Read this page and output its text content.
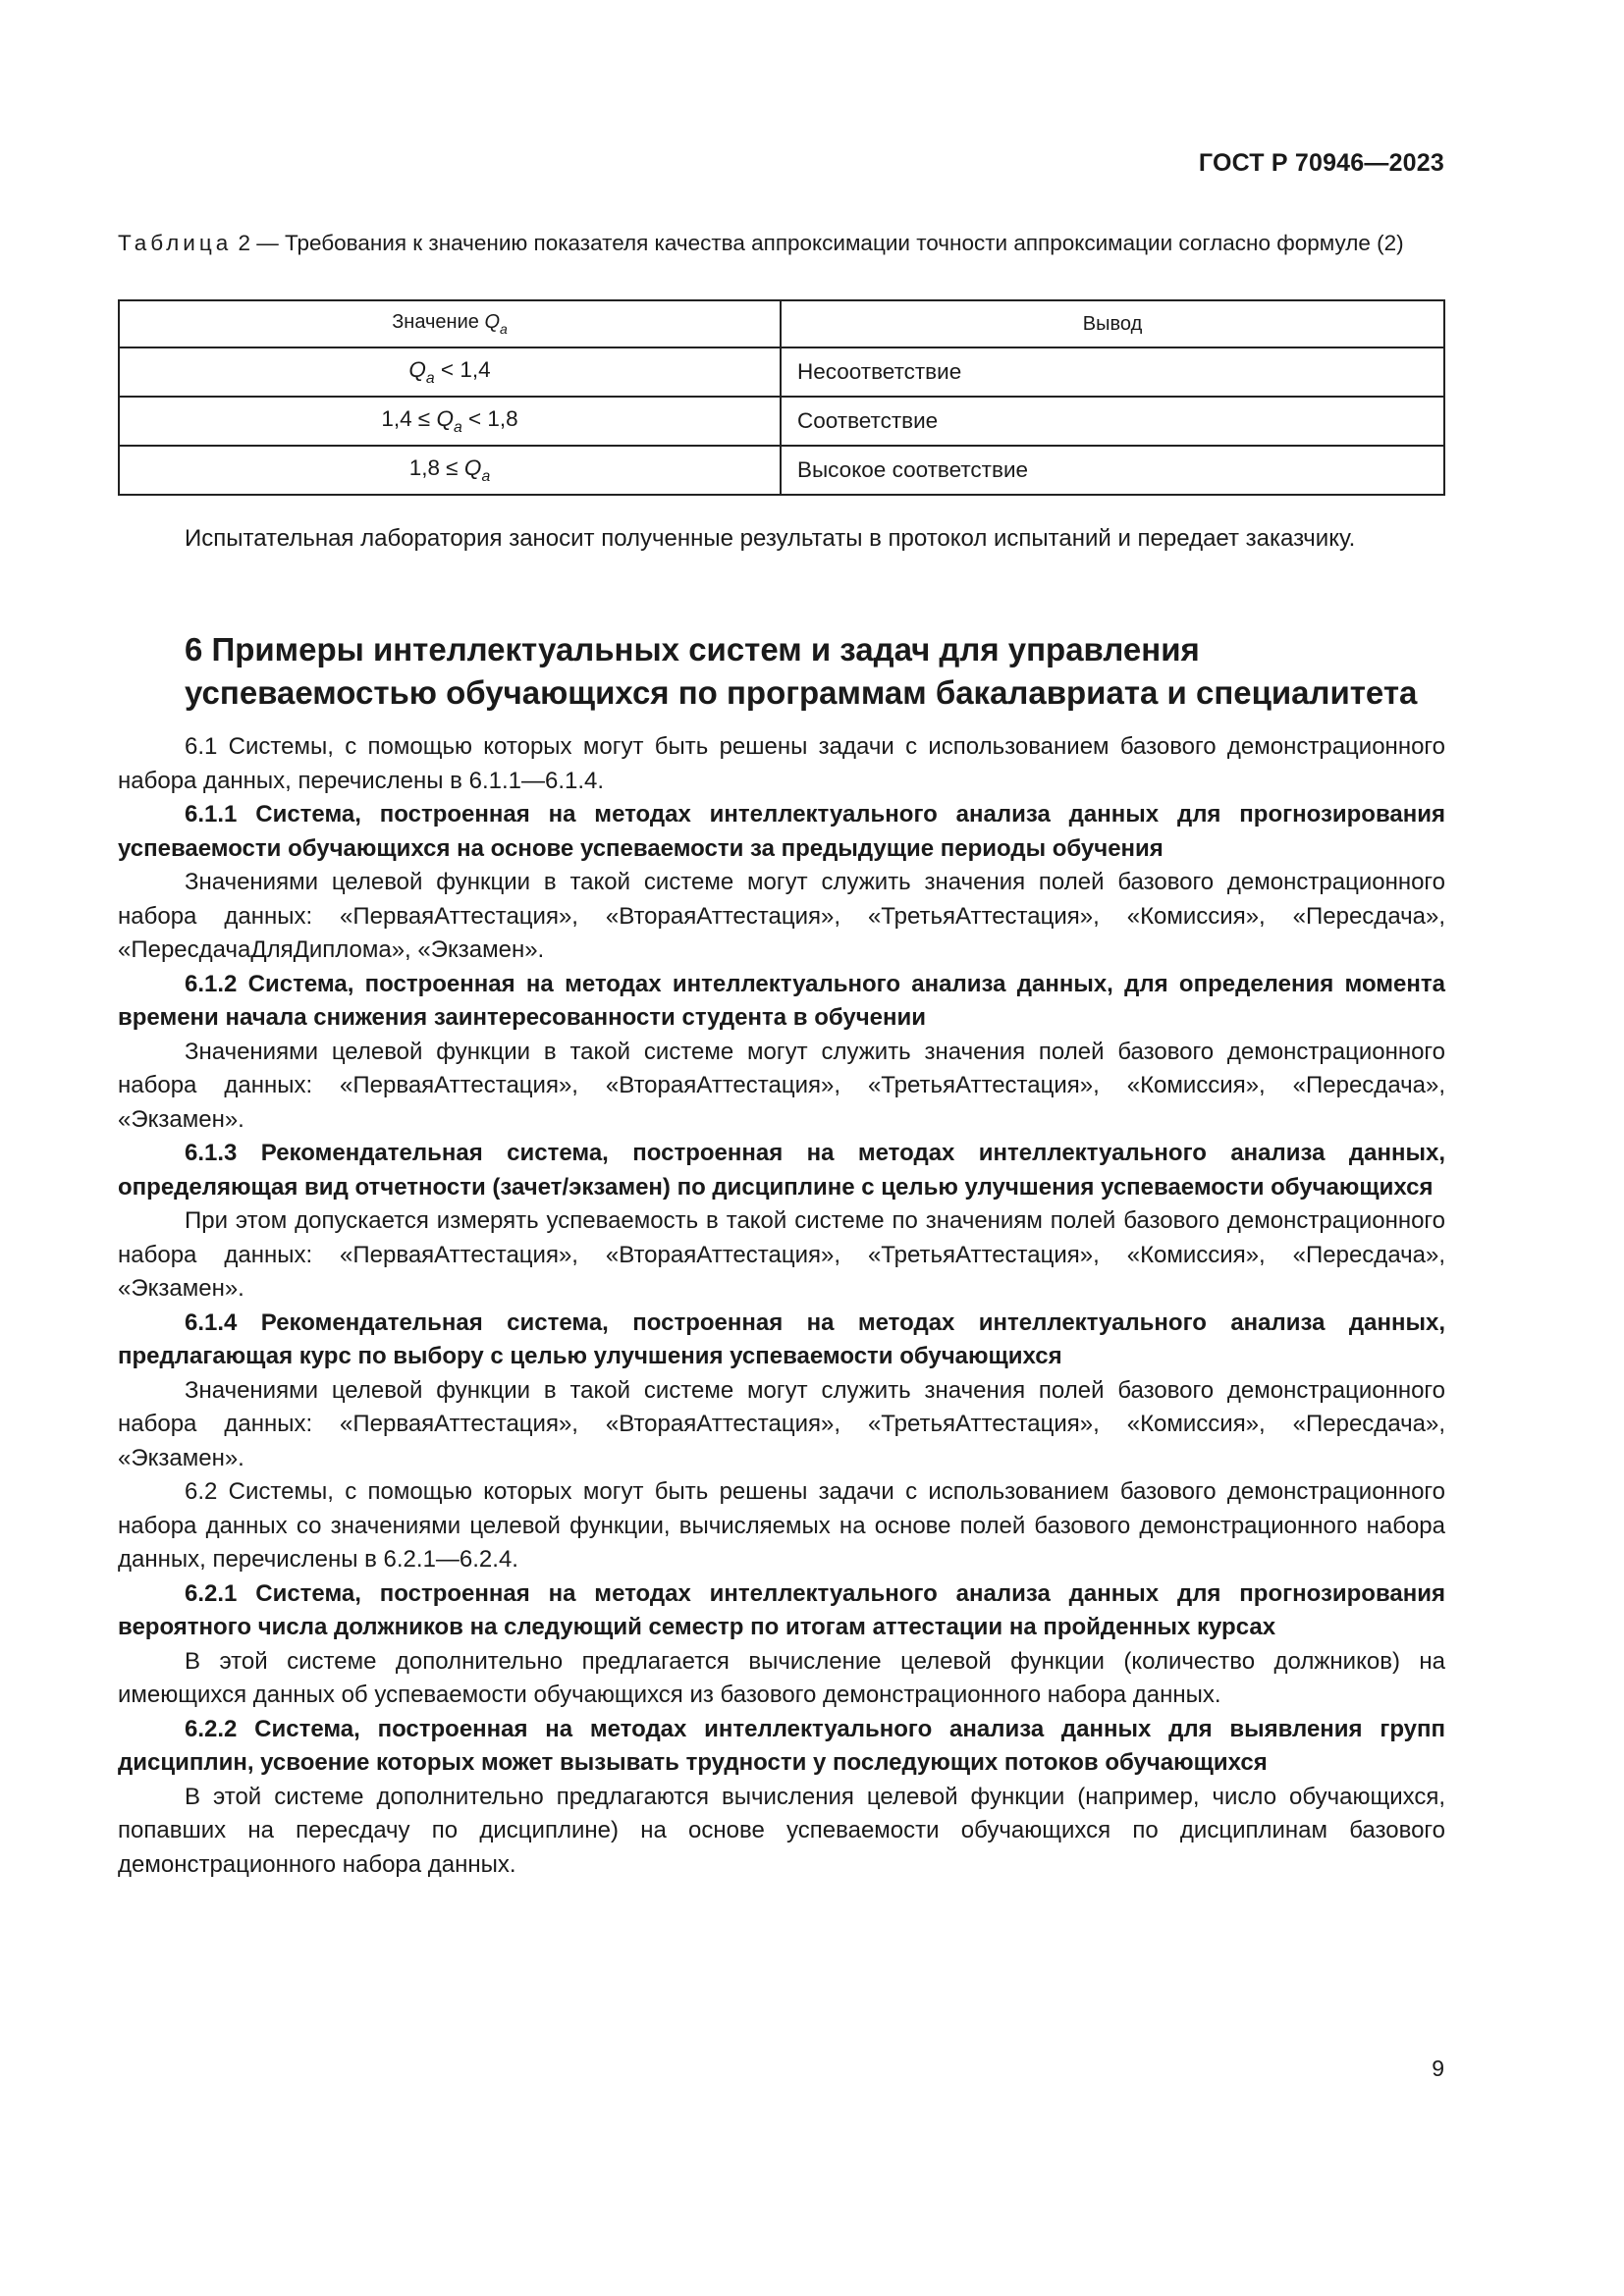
ГОСТ Р 70946—2023
Таблица 2 — Требования к значению показателя качества аппроксимации точности аппроксимации согласно формуле (2)
Значение $Q_a$	Вывод
$Q_a < 1,4$	Несоответствие
$1,4 \le Q_a < 1,8$	Соответствие
$1,8 \le Q_a$	Высокое соответствие

Испытательная лаборатория заносит полученные результаты в протокол испытаний и передает заказчику.

6 Примеры интеллектуальных систем и задач для управления
успеваемостью обучающихся по программам бакалавриата и специалитета

6.1 Системы, с помощью которых могут быть решены задачи с использованием базового демонстрационного набора данных, перечислены в 6.1.1—6.1.4.

6.1.1 Система, построенная на методах интеллектуального анализа данных для прогнозирования успеваемости обучающихся на основе успеваемости за предыдущие периоды обучения

Значениями целевой функции в такой системе могут служить значения полей базового демонстрационного набора данных: «ПерваяАттестация», «ВтораяАттестация», «ТретьяАттестация», «Комиссия», «Пересдача», «ПересдачаДляДиплома», «Экзамен».

6.1.2 Система, построенная на методах интеллектуального анализа данных, для определения момента времени начала снижения заинтересованности студента в обучении

Значениями целевой функции в такой системе могут служить значения полей базового демонстрационного набора данных: «ПерваяАттестация», «ВтораяАттестация», «ТретьяАттестация», «Комиссия», «Пересдача», «Экзамен».

6.1.3 Рекомендательная система, построенная на методах интеллектуального анализа данных, определяющая вид отчетности (зачет/экзамен) по дисциплине с целью улучшения успеваемости обучающихся

При этом допускается измерять успеваемость в такой системе по значениям полей базового демонстрационного набора данных: «ПерваяАттестация», «ВтораяАттестация», «ТретьяАттестация», «Комиссия», «Пересдача», «Экзамен».

6.1.4 Рекомендательная система, построенная на методах интеллектуального анализа данных, предлагающая курс по выбору с целью улучшения успеваемости обучающихся

Значениями целевой функции в такой системе могут служить значения полей базового демонстрационного набора данных: «ПерваяАттестация», «ВтораяАттестация», «ТретьяАттестация», «Комиссия», «Пересдача», «Экзамен».

6.2 Системы, с помощью которых могут быть решены задачи с использованием базового демонстрационного набора данных со значениями целевой функции, вычисляемых на основе полей базового демонстрационного набора данных, перечислены в 6.2.1—6.2.4.

6.2.1 Система, построенная на методах интеллектуального анализа данных для прогнозирования вероятного числа должников на следующий семестр по итогам аттестации на пройденных курсах

В этой системе дополнительно предлагается вычисление целевой функции (количество должников) на имеющихся данных об успеваемости обучающихся из базового демонстрационного набора данных.

6.2.2 Система, построенная на методах интеллектуального анализа данных для выявления групп дисциплин, усвоение которых может вызывать трудности у последующих потоков обучающихся

В этой системе дополнительно предлагаются вычисления целевой функции (например, число обучающихся, попавших на пересдачу по дисциплине) на основе успеваемости обучающихся по дисциплинам базового демонстрационного набора данных.

9
